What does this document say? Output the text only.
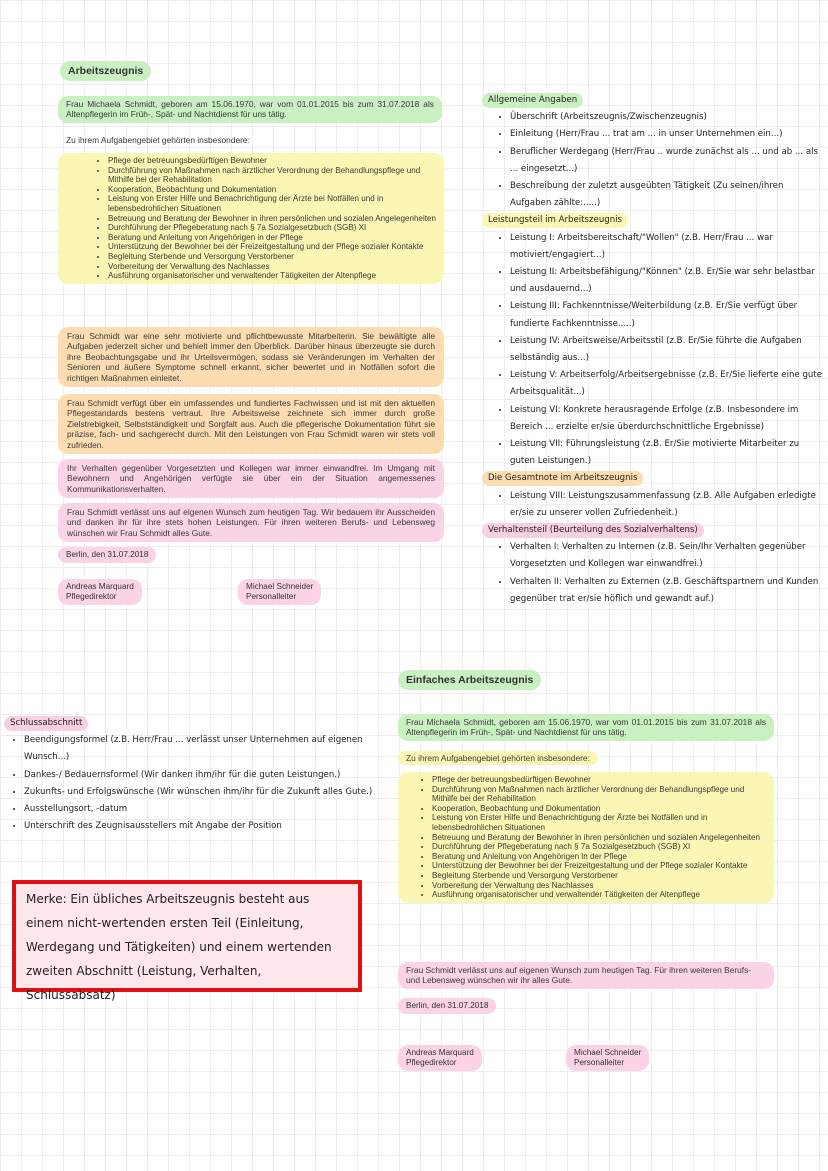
Arbeitszeugnis

Frau Michaela Schmidt, geboren am 15.06.1970, war vom 01.01.2015 bis zum 31.07.2018 als Altenpflegerin im Früh-, Spät- und Nachtdienst für uns tätig.

Zu ihrem Aufgabengebiet gehörten insbesondere:
• Pflege der betreuungsbedürftigen Bewohner
• Durchführung von Maßnahmen nach ärztlicher Verordnung der Behandlungspflege und Mithilfe bei der Rehabilitation
• Kooperation, Beobachtung und Dokumentation
• Leistung von Erster Hilfe und Benachrichtigung der Ärzte bei Notfällen und in lebensbedrohlichen Situationen
• Betreuung und Beratung der Bewohner in ihren persönlichen und sozialen Angelegenheiten
• Durchführung der Pflegeberatung nach § 7a Sozialgesetzbuch (SGB) XI
• Beratung und Anleitung von Angehörigen in der Pflege
• Unterstützung der Bewohner bei der Freizeitgestaltung und der Pflege sozialer Kontakte
• Begleitung Sterbende und Versorgung Verstorbener
• Vorbereitung der Verwaltung des Nachlasses
• Ausführung organisatorischer und verwaltender Tätigkeiten der Altenpflege

Frau Schmidt war eine sehr motivierte und pflichtbewusste Mitarbeiterin. Sie bewältigte alle Aufgaben jederzeit sicher und behielt immer den Überblick. Darüber hinaus überzeugte sie durch ihre Beobachtungsgabe und ihr Urteilsvermögen, sodass sie Veränderungen im Verhalten der Senioren und äußere Symptome schnell erkannt, sicher bewertet und in Notfällen sofort die richtigen Maßnahmen einleitet.

Frau Schmidt verfügt über ein umfassendes und fundiertes Fachwissen und ist mit den aktuellen Pflegestandards bestens vertraut. Ihre Arbeitsweise zeichnete sich immer durch große Zielstrebigkeit, Selbstständigkeit und Sorgfalt aus. Auch die pflegerische Dokumentation führt sie präzise, fach- und sachgerecht durch. Mit den Leistungen von Frau Schmidt waren wir stets voll zufrieden.

Ihr Verhalten gegenüber Vorgesetzten und Kollegen war immer einwandfrei. Im Umgang mit Bewohnern und Angehörigen verfügte sie über ein der Situation angemessenes Kommunikationsverhalten.

Frau Schmidt verlässt uns auf eigenen Wunsch zum heutigen Tag. Wir bedauern ihr Ausscheiden und danken ihr für ihre stets hohen Leistungen. Für ihren weiteren Berufs- und Lebensweg wünschen wir Frau Schmidt alles Gute.

Berlin, den 31.07.2018
Andreas Marquard
Pflegedirektor
Michael Schneider
Personalleiter
Allgemeine Angaben
• Überschrift (Arbeitszeugnis/Zwischenzeugnis)
• Einleitung (Herr/Frau ... trat am ... in unser Unternehmen ein...)
• Beruflicher Werdegang (Herr/Frau .. wurde zunächst als ... und ab ... als ... eingesetzt...)
• Beschreibung der zuletzt ausgeübten Tätigkeit (Zu seinen/ihren Aufgaben zählte:.....)
Leistungsteil im Arbeitszeugnis
• Leistung I: Arbeitsbereitschaft/"Wollen" (z.B. Herr/Frau ... war motiviert/engagiert...)
• Leistung II: Arbeitsbefähigung/"Können" (z.B. Er/Sie war sehr belastbar und ausdauernd...)
• Leistung III: Fachkenntnisse/Weiterbildung (z.B. Er/Sie verfügt über fundierte Fachkenntnisse.....)
• Leistung IV: Arbeitsweise/Arbeitsstil (z.B. Er/Sie führte die Aufgaben selbständig aus...)
• Leistung V: Arbeitserfolg/Arbeitsergebnisse (z.B. Er/Sie lieferte eine gute Arbeitsqualität...)
• Leistung VI: Konkrete herausragende Erfolge (z.B. Insbesondere im Bereich ... erzielte er/sie überdurchschnittliche Ergebnisse)
• Leistung VII: Führungsleistung (z.B. Er/Sie motivierte Mitarbeiter zu guten Leistungen.)
Die Gesamtnote im Arbeitszeugnis
• Leistung VIII: Leistungszusammenfassung (z.B. Alle Aufgaben erledigte er/sie zu unserer vollen Zufriedenheit.)
Verhaltensteil (Beurteilung des Sozialverhaltens)
• Verhalten I: Verhalten zu Internen (z.B. Sein/Ihr Verhalten gegenüber Vorgesetzten und Kollegen war einwandfrei.)
• Verhalten II: Verhalten zu Externen (z.B. Geschäftspartnern und Kunden gegenüber trat er/sie höflich und gewandt auf.)
Schlussabschnitt
• Beendigungsformel (z.B. Herr/Frau ... verlässt unser Unternehmen auf eigenen Wunsch...)
• Dankes-/ Bedauernsformel (Wir danken ihm/ihr für die guten Leistungen.)
• Zukunfts- und Erfolgswünsche (Wir wünschen ihm/ihr für die Zukunft alles Gute.)
• Ausstellungsort, -datum
• Unterschrift des Zeugnisausstellers mit Angabe der Position
Merke: Ein übliches Arbeitszeugnis besteht aus einem nicht-wertenden ersten Teil (Einleitung, Werdegang und Tätigkeiten) und einem wertenden zweiten Abschnitt (Leistung, Verhalten, Schlussabsatz)
Einfaches Arbeitszeugnis

Frau Michaela Schmidt, geboren am 15.06.1970, war vom 01.01.2015 bis zum 31.07.2018 als Altenpflegerin im Früh-, Spät- und Nachtdienst für uns tätig.

Zu ihrem Aufgabengebiet gehörten insbesondere:
• Pflege der betreuungsbedürftigen Bewohner
• Durchführung von Maßnahmen nach ärztlicher Verordnung der Behandlungspflege und Mithilfe bei der Rehabilitation
• Kooperation, Beobachtung und Dokumentation
• Leistung von Erster Hilfe und Benachrichtigung der Ärzte bei Notfällen und in lebensbedrohlichen Situationen
• Betreuung und Beratung der Bewohner in ihren persönlichen und sozialen Angelegenheiten
• Durchführung der Pflegeberatung nach § 7a Sozialgesetzbuch (SGB) XI
• Beratung und Anleitung von Angehörigen in der Pflege
• Unterstützung der Bewohner bei der Freizeitgestaltung und der Pflege sozialer Kontakte
• Begleitung Sterbende und Versorgung Verstorbener
• Vorbereitung der Verwaltung des Nachlasses
• Ausführung organisatorischer und verwaltender Tätigkeiten der Altenpflege

Frau Schmidt verlässt uns auf eigenen Wunsch zum heutigen Tag. Für ihren weiteren Berufs- und Lebensweg wünschen wir ihr alles Gute.

Berlin, den 31.07.2018
Andreas Marquard
Pflegedirektor
Michael Schneider
Personalleiter
